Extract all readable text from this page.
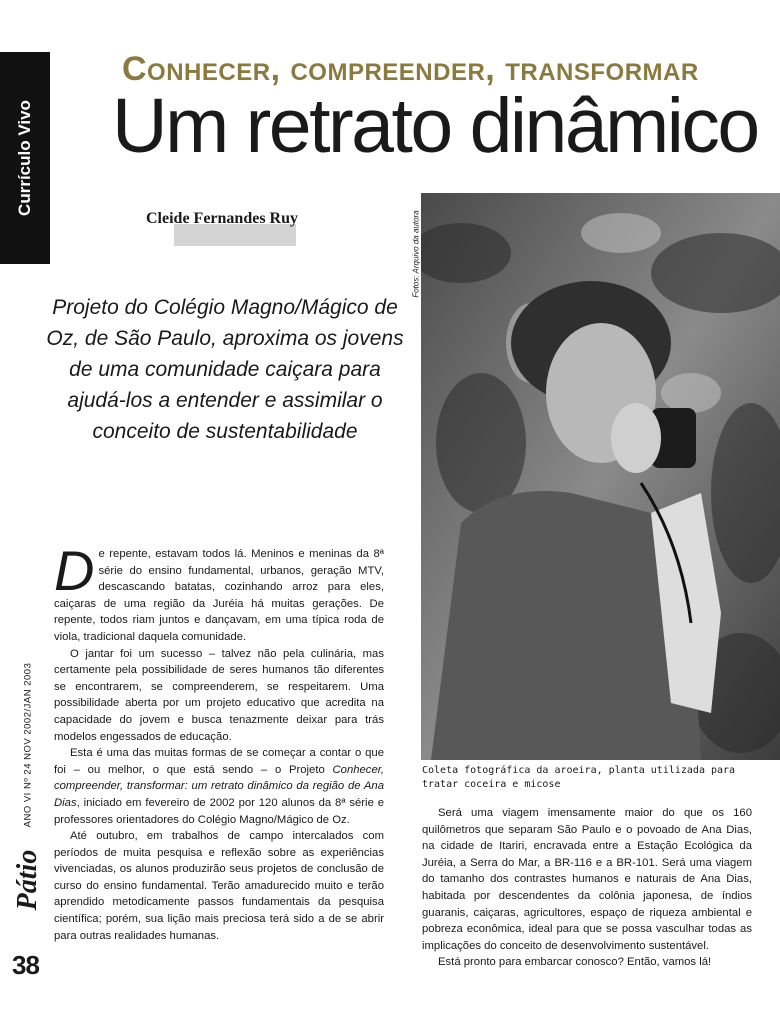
Currículo Vivo
Conhecer, compreender, transformar
Um retrato dinâmico
Cleide Fernandes Ruy
Projeto do Colégio Magno/Mágico de Oz, de São Paulo, aproxima os jovens de uma comunidade caiçara para ajudá-los a entender e assimilar o conceito de sustentabilidade
Fotos: Arquivo da autora
Coleta fotográfica da aroeira, planta utilizada para tratar coceira e micose

De repente, estavam todos lá. Meninos e meninas da 8ª série do ensino fundamental, urbanos, geração MTV, descascando batatas, cozinhando arroz para eles, caiçaras de uma região da Juréia há muitas gerações. De repente, todos riam juntos e dançavam, em uma típica roda de viola, tradicional daquela comunidade.

O jantar foi um sucesso – talvez não pela culinária, mas certamente pela possibilidade de seres humanos tão diferentes se encontrarem, se compreenderem, se respeitarem. Uma possibilidade aberta por um projeto educativo que acredita na capacidade do jovem e busca tenazmente deixar para trás modelos engessados de educação.

Esta é uma das muitas formas de se começar a contar o que foi – ou melhor, o que está sendo – o Projeto Conhecer, compreender, transformar: um retrato dinâmico da região de Ana Dias, iniciado em fevereiro de 2002 por 120 alunos da 8ª série e professores orientadores do Colégio Magno/Mágico de Oz.

Até outubro, em trabalhos de campo intercalados com períodos de muita pesquisa e reflexão sobre as experiências vivenciadas, os alunos produzirão seus projetos de conclusão de curso do ensino fundamental. Terão amadurecido muito e terão aprendido metodicamente passos fundamentais da pesquisa científica; porém, sua lição mais preciosa terá sido a de se abrir para outras realidades humanas.

Será uma viagem imensamente maior do que os 160 quilômetros que separam São Paulo e o povoado de Ana Dias, na cidade de Itariri, encravada entre a Estação Ecológica da Juréia, a Serra do Mar, a BR-116 e a BR-101. Será uma viagem do tamanho dos contrastes humanos e naturais de Ana Dias, habitada por descendentes da colônia japonesa, de índios guaranis, caiçaras, agricultores, espaço de riqueza ambiental e pobreza econômica, ideal para que se possa vasculhar todas as implicações do conceito de desenvolvimento sustentável.

Está pronto para embarcar conosco? Então, vamos lá!

ANO VI Nº 24 NOV 2002/JAN 2003
Pátio
38
